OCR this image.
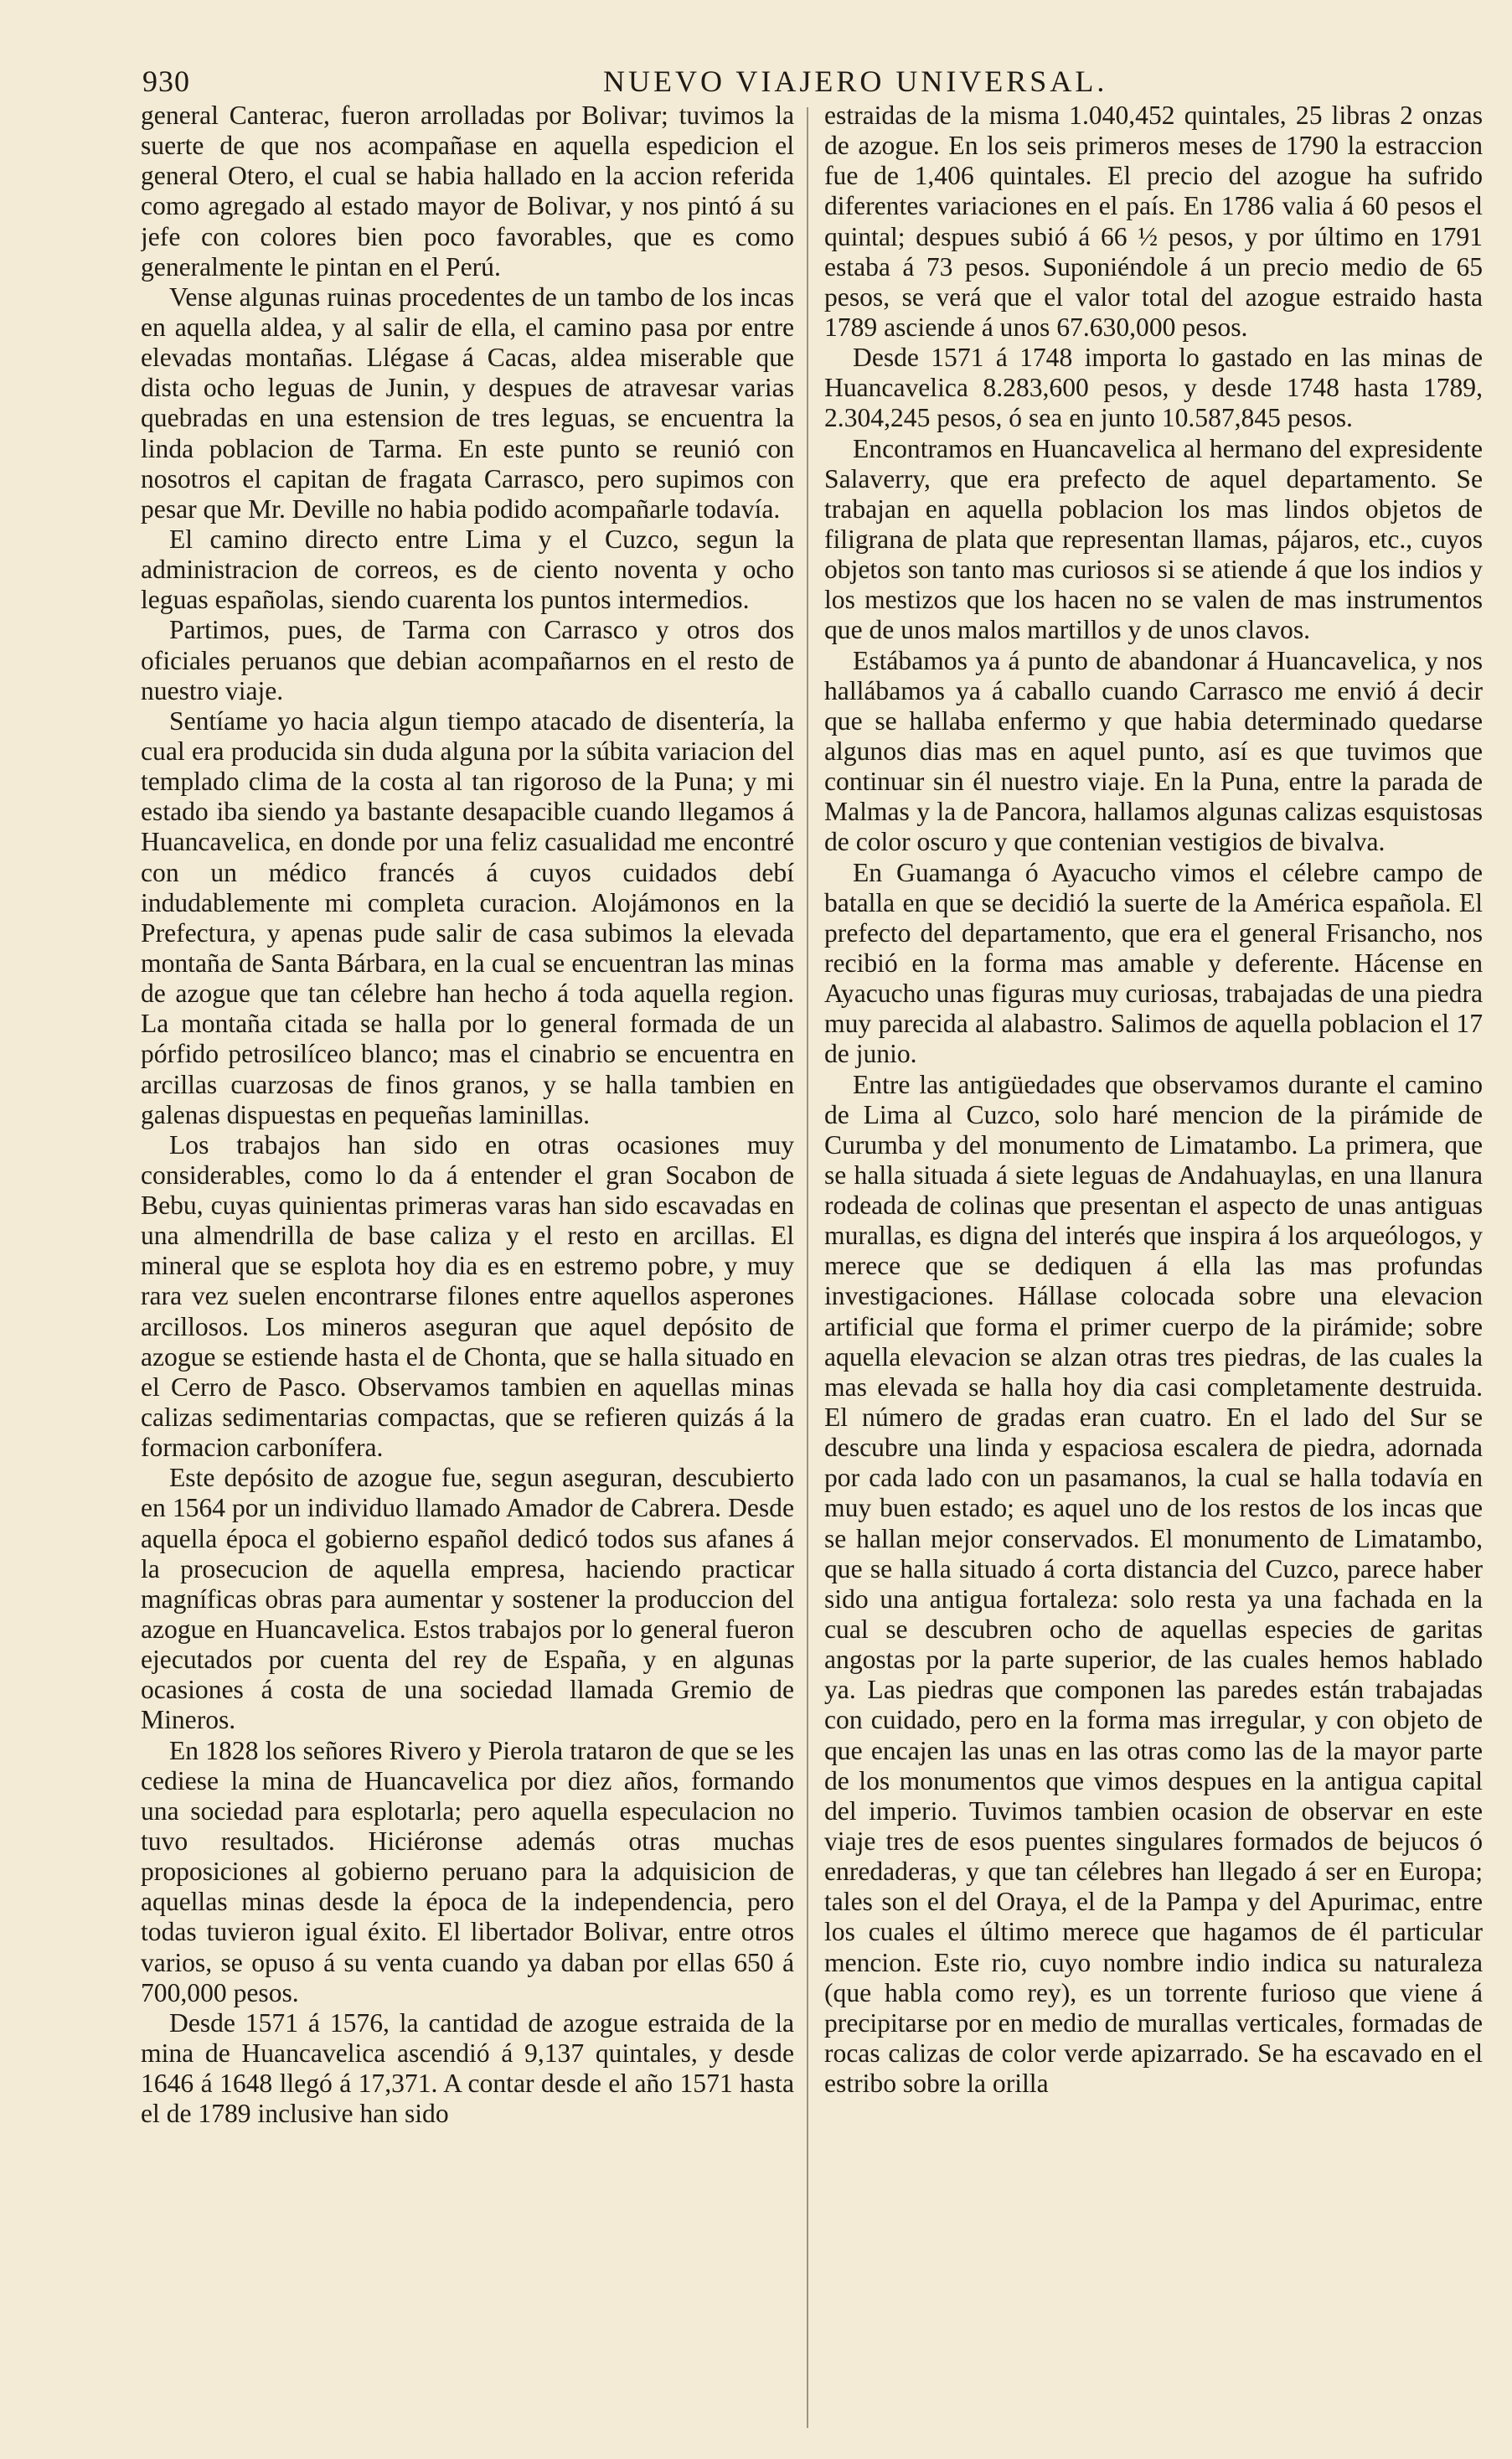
930	NUEVO VIAJERO UNIVERSAL.

general Canterac, fueron arrolladas por Bolivar; tuvimos la suerte de que nos acompañase en aquella espedicion el general Otero, el cual se habia hallado en la accion referida como agregado al estado mayor de Bolivar, y nos pintó á su jefe con colores bien poco favorables, que es como generalmente le pintan en el Perú.

Vense algunas ruinas procedentes de un tambo de los incas en aquella aldea, y al salir de ella, el camino pasa por entre elevadas montañas. Llégase á Cacas, aldea miserable que dista ocho leguas de Junin, y despues de atravesar varias quebradas en una estension de tres leguas, se encuentra la linda poblacion de Tarma. En este punto se reunió con nosotros el capitan de fragata Carrasco, pero supimos con pesar que Mr. Deville no habia podido acompañarle todavía.

El camino directo entre Lima y el Cuzco, segun la administracion de correos, es de ciento noventa y ocho leguas españolas, siendo cuarenta los puntos intermedios.

Partimos, pues, de Tarma con Carrasco y otros dos oficiales peruanos que debian acompañarnos en el resto de nuestro viaje.

Sentíame yo hacia algun tiempo atacado de disentería, la cual era producida sin duda alguna por la súbita variacion del templado clima de la costa al tan rigoroso de la Puna; y mi estado iba siendo ya bastante desapacible cuando llegamos á Huancavelica, en donde por una feliz casualidad me encontré con un médico francés á cuyos cuidados debí indudablemente mi completa curacion. Alojámonos en la Prefectura, y apenas pude salir de casa subimos la elevada montaña de Santa Bárbara, en la cual se encuentran las minas de azogue que tan célebre han hecho á toda aquella region. La montaña citada se halla por lo general formada de un pórfido petrosilíceo blanco; mas el cinabrio se encuentra en arcillas cuarzosas de finos granos, y se halla tambien en galenas dispuestas en pequeñas laminillas.

Los trabajos han sido en otras ocasiones muy considerables, como lo da á entender el gran Socabon de Bebu, cuyas quinientas primeras varas han sido escavadas en una almendrilla de base caliza y el resto en arcillas. El mineral que se esplota hoy dia es en estremo pobre, y muy rara vez suelen encontrarse filones entre aquellos asperones arcillosos. Los mineros aseguran que aquel depósito de azogue se estiende hasta el de Chonta, que se halla situado en el Cerro de Pasco. Observamos tambien en aquellas minas calizas sedimentarias compactas, que se refieren quizás á la formacion carbonífera.

Este depósito de azogue fue, segun aseguran, descubierto en 1564 por un individuo llamado Amador de Cabrera. Desde aquella época el gobierno español dedicó todos sus afanes á la prosecucion de aquella empresa, haciendo practicar magníficas obras para aumentar y sostener la produccion del azogue en Huancavelica. Estos trabajos por lo general fueron ejecutados por cuenta del rey de España, y en algunas ocasiones á costa de una sociedad llamada Gremio de Mineros.

En 1828 los señores Rivero y Pierola trataron de que se les cediese la mina de Huancavelica por diez años, formando una sociedad para esplotarla; pero aquella especulacion no tuvo resultados. Hiciéronse además otras muchas proposiciones al gobierno peruano para la adquisicion de aquellas minas desde la época de la independencia, pero todas tuvieron igual éxito. El libertador Bolivar, entre otros varios, se opuso á su venta cuando ya daban por ellas 650 á 700,000 pesos.

Desde 1571 á 1576, la cantidad de azogue estraida de la mina de Huancavelica ascendió á 9,137 quintales, y desde 1646 á 1648 llegó á 17,371. A contar desde el año 1571 hasta el de 1789 inclusive han sido

estraidas de la misma 1.040,452 quintales, 25 libras 2 onzas de azogue. En los seis primeros meses de 1790 la estraccion fue de 1,406 quintales. El precio del azogue ha sufrido diferentes variaciones en el país. En 1786 valia á 60 pesos el quintal; despues subió á 66 ½ pesos, y por último en 1791 estaba á 73 pesos. Suponiéndole á un precio medio de 65 pesos, se verá que el valor total del azogue estraido hasta 1789 asciende á unos 67.630,000 pesos.

Desde 1571 á 1748 importa lo gastado en las minas de Huancavelica 8.283,600 pesos, y desde 1748 hasta 1789, 2.304,245 pesos, ó sea en junto 10.587,845 pesos.

Encontramos en Huancavelica al hermano del expresidente Salaverry, que era prefecto de aquel departamento. Se trabajan en aquella poblacion los mas lindos objetos de filigrana de plata que representan llamas, pájaros, etc., cuyos objetos son tanto mas curiosos si se atiende á que los indios y los mestizos que los hacen no se valen de mas instrumentos que de unos malos martillos y de unos clavos.

Estábamos ya á punto de abandonar á Huancavelica, y nos hallábamos ya á caballo cuando Carrasco me envió á decir que se hallaba enfermo y que habia determinado quedarse algunos dias mas en aquel punto, así es que tuvimos que continuar sin él nuestro viaje. En la Puna, entre la parada de Malmas y la de Pancora, hallamos algunas calizas esquistosas de color oscuro y que contenian vestigios de bivalva.

En Guamanga ó Ayacucho vimos el célebre campo de batalla en que se decidió la suerte de la América española. El prefecto del departamento, que era el general Frisancho, nos recibió en la forma mas amable y deferente. Hácense en Ayacucho unas figuras muy curiosas, trabajadas de una piedra muy parecida al alabastro. Salimos de aquella poblacion el 17 de junio.

Entre las antigüedades que observamos durante el camino de Lima al Cuzco, solo haré mencion de la pirámide de Curumba y del monumento de Limatambo. La primera, que se halla situada á siete leguas de Andahuaylas, en una llanura rodeada de colinas que presentan el aspecto de unas antiguas murallas, es digna del interés que inspira á los arqueólogos, y merece que se dediquen á ella las mas profundas investigaciones. Hállase colocada sobre una elevacion artificial que forma el primer cuerpo de la pirámide; sobre aquella elevacion se alzan otras tres piedras, de las cuales la mas elevada se halla hoy dia casi completamente destruida. El número de gradas eran cuatro. En el lado del Sur se descubre una linda y espaciosa escalera de piedra, adornada por cada lado con un pasamanos, la cual se halla todavía en muy buen estado; es aquel uno de los restos de los incas que se hallan mejor conservados. El monumento de Limatambo, que se halla situado á corta distancia del Cuzco, parece haber sido una antigua fortaleza: solo resta ya una fachada en la cual se descubren ocho de aquellas especies de garitas angostas por la parte superior, de las cuales hemos hablado ya. Las piedras que componen las paredes están trabajadas con cuidado, pero en la forma mas irregular, y con objeto de que encajen las unas en las otras como las de la mayor parte de los monumentos que vimos despues en la antigua capital del imperio. Tuvimos tambien ocasion de observar en este viaje tres de esos puentes singulares formados de bejucos ó enredaderas, y que tan célebres han llegado á ser en Europa; tales son el del Oraya, el de la Pampa y del Apurimac, entre los cuales el último merece que hagamos de él particular mencion. Este rio, cuyo nombre indio indica su naturaleza (que habla como rey), es un torrente furioso que viene á precipitarse por en medio de murallas verticales, formadas de rocas calizas de color verde apizarrado. Se ha escavado en el estribo sobre la orilla
